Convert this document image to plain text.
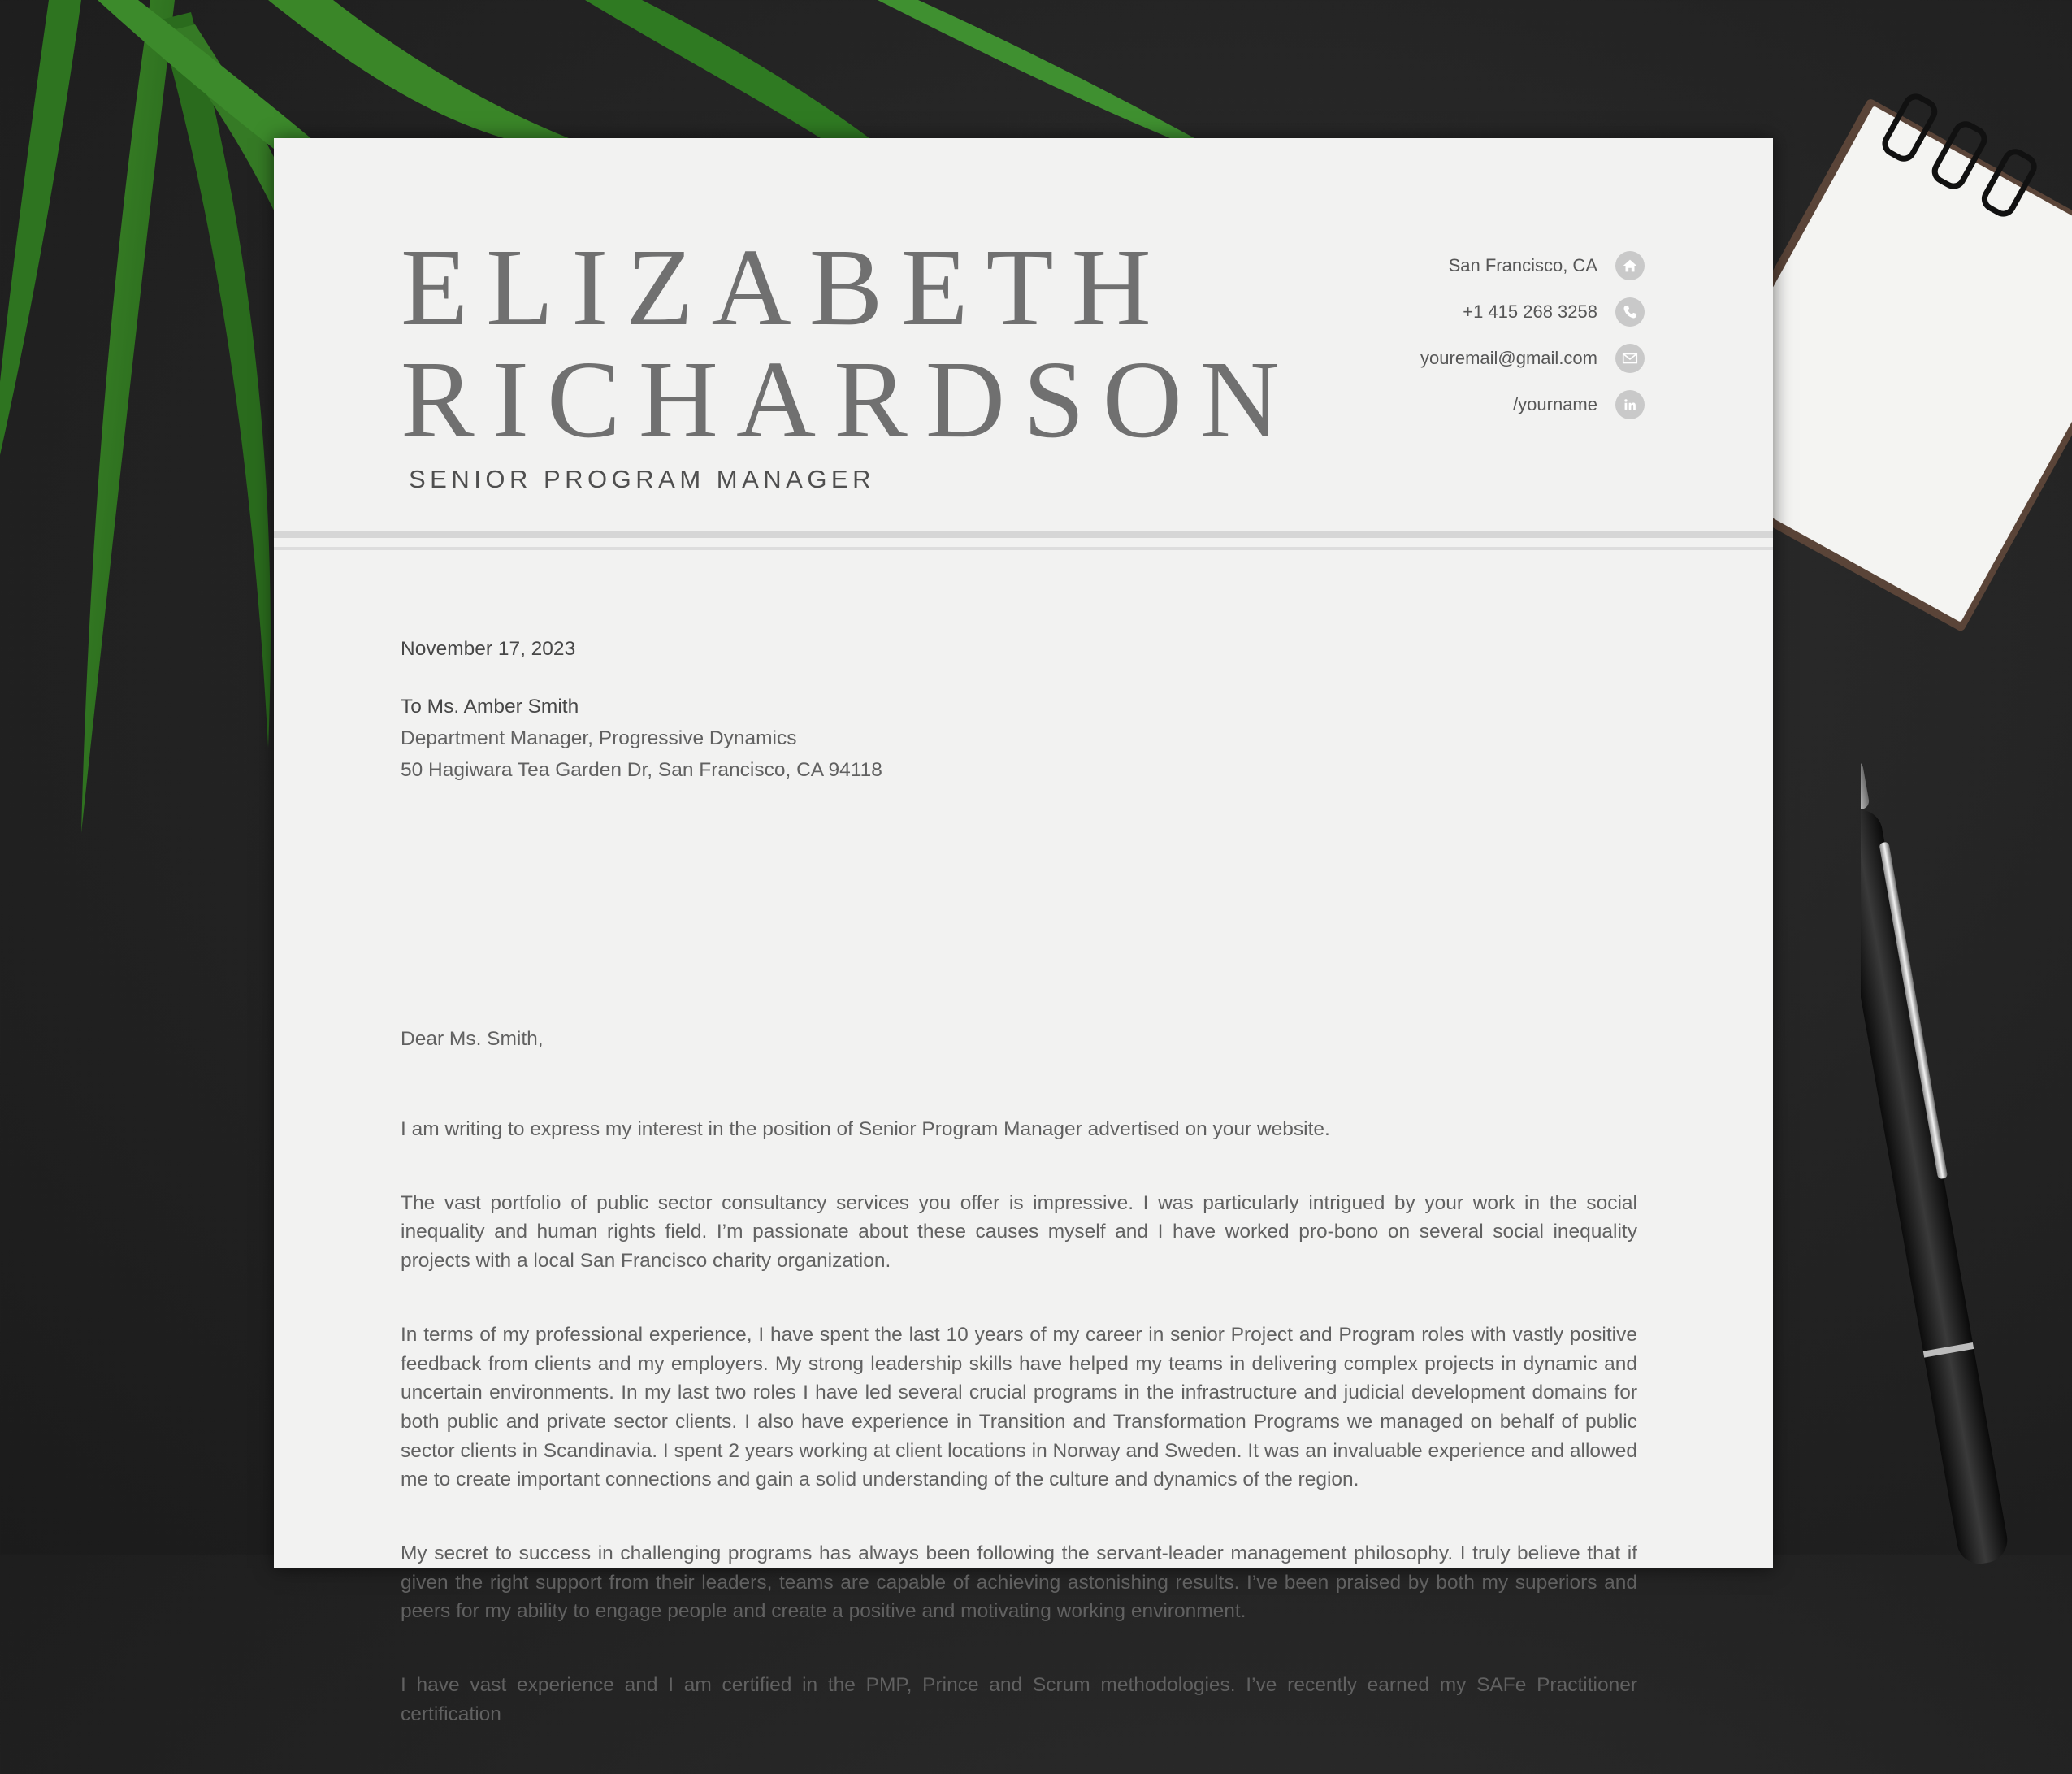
ELIZABETH
RICHARDSON
SENIOR PROGRAM MANAGER
San Francisco, CA
+1 415 268 3258
youremail@gmail.com
/yourname
November 17, 2023
To Ms. Amber Smith
Department Manager, Progressive Dynamics
50 Hagiwara Tea Garden Dr, San Francisco, CA 94118
Dear Ms. Smith,

I am writing to express my interest in the position of Senior Program Manager advertised on your website.

The vast portfolio of public sector consultancy services you offer is impressive. I was particularly intrigued by your work in the social inequality and human rights field. I’m passionate about these causes myself and I have worked pro-bono on several social inequality projects with a local San Francisco charity organization.

In terms of my professional experience, I have spent the last 10 years of my career in senior Project and Program roles with vastly positive feedback from clients and my employers. My strong leadership skills have helped my teams in delivering complex projects in dynamic and uncertain environments. In my last two roles I have led several crucial programs in the infrastructure and judicial development domains for both public and private sector clients. I also have experience in Transition and Transformation Programs we managed on behalf of public sector clients in Scandinavia. I spent 2 years working at client locations in Norway and Sweden. It was an invaluable experience and allowed me to create important connections and gain a solid understanding of the culture and dynamics of the region.

My secret to success in challenging programs has always been following the servant-leader management philosophy. I truly believe that if given the right support from their leaders, teams are capable of achieving astonishing results. I’ve been praised by both my superiors and peers for my ability to engage people and create a positive and motivating working environment.

I have vast experience and I am certified in the PMP, Prince and Scrum methodologies. I’ve recently earned my SAFe Practitioner certification
